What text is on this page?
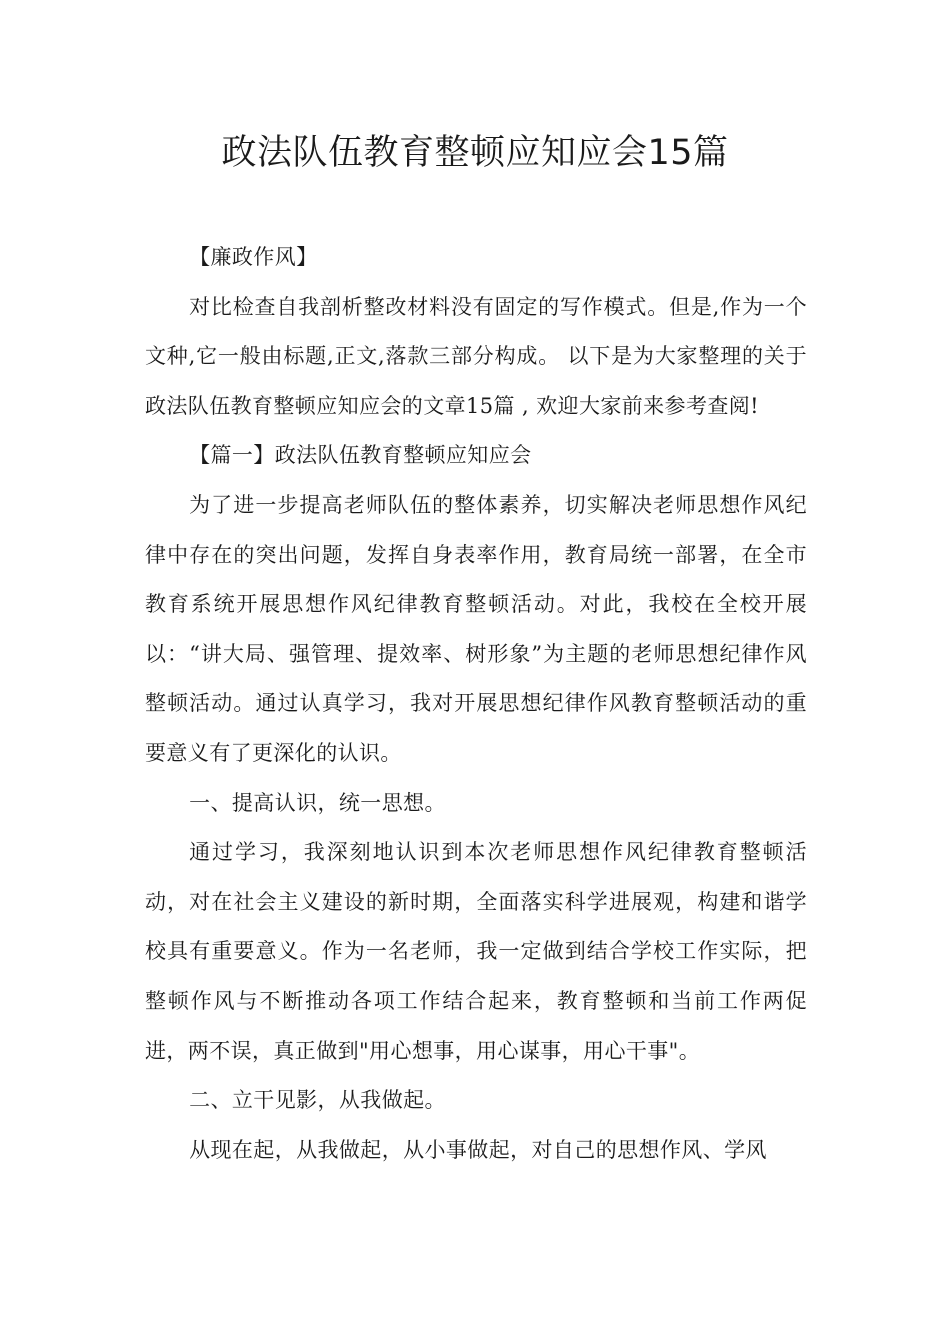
政法队伍教育整顿应知应会15篇

【廉政作风】

对比检查自我剖析整改材料没有固定的写作模式。但是,作为一个文种,它一般由标题,正文,落款三部分构成。 以下是为大家整理的关于政法队伍教育整顿应知应会的文章15篇 , 欢迎大家前来参考查阅!

【篇一】政法队伍教育整顿应知应会

为了进一步提高老师队伍的整体素养，切实解决老师思想作风纪律中存在的突出问题，发挥自身表率作用，教育局统一部署，在全市教育系统开展思想作风纪律教育整顿活动。对此，我校在全校开展以：“讲大局、强管理、提效率、树形象”为主题的老师思想纪律作风整顿活动。通过认真学习，我对开展思想纪律作风教育整顿活动的重要意义有了更深化的认识。

一、提高认识，统一思想。

通过学习，我深刻地认识到本次老师思想作风纪律教育整顿活动，对在社会主义建设的新时期，全面落实科学进展观，构建和谐学校具有重要意义。作为一名老师，我一定做到结合学校工作实际，把整顿作风与不断推动各项工作结合起来，教育整顿和当前工作两促进，两不误，真正做到"用心想事，用心谋事，用心干事"。

二、立干见影，从我做起。

从现在起，从我做起，从小事做起，对自己的思想作风、学风
